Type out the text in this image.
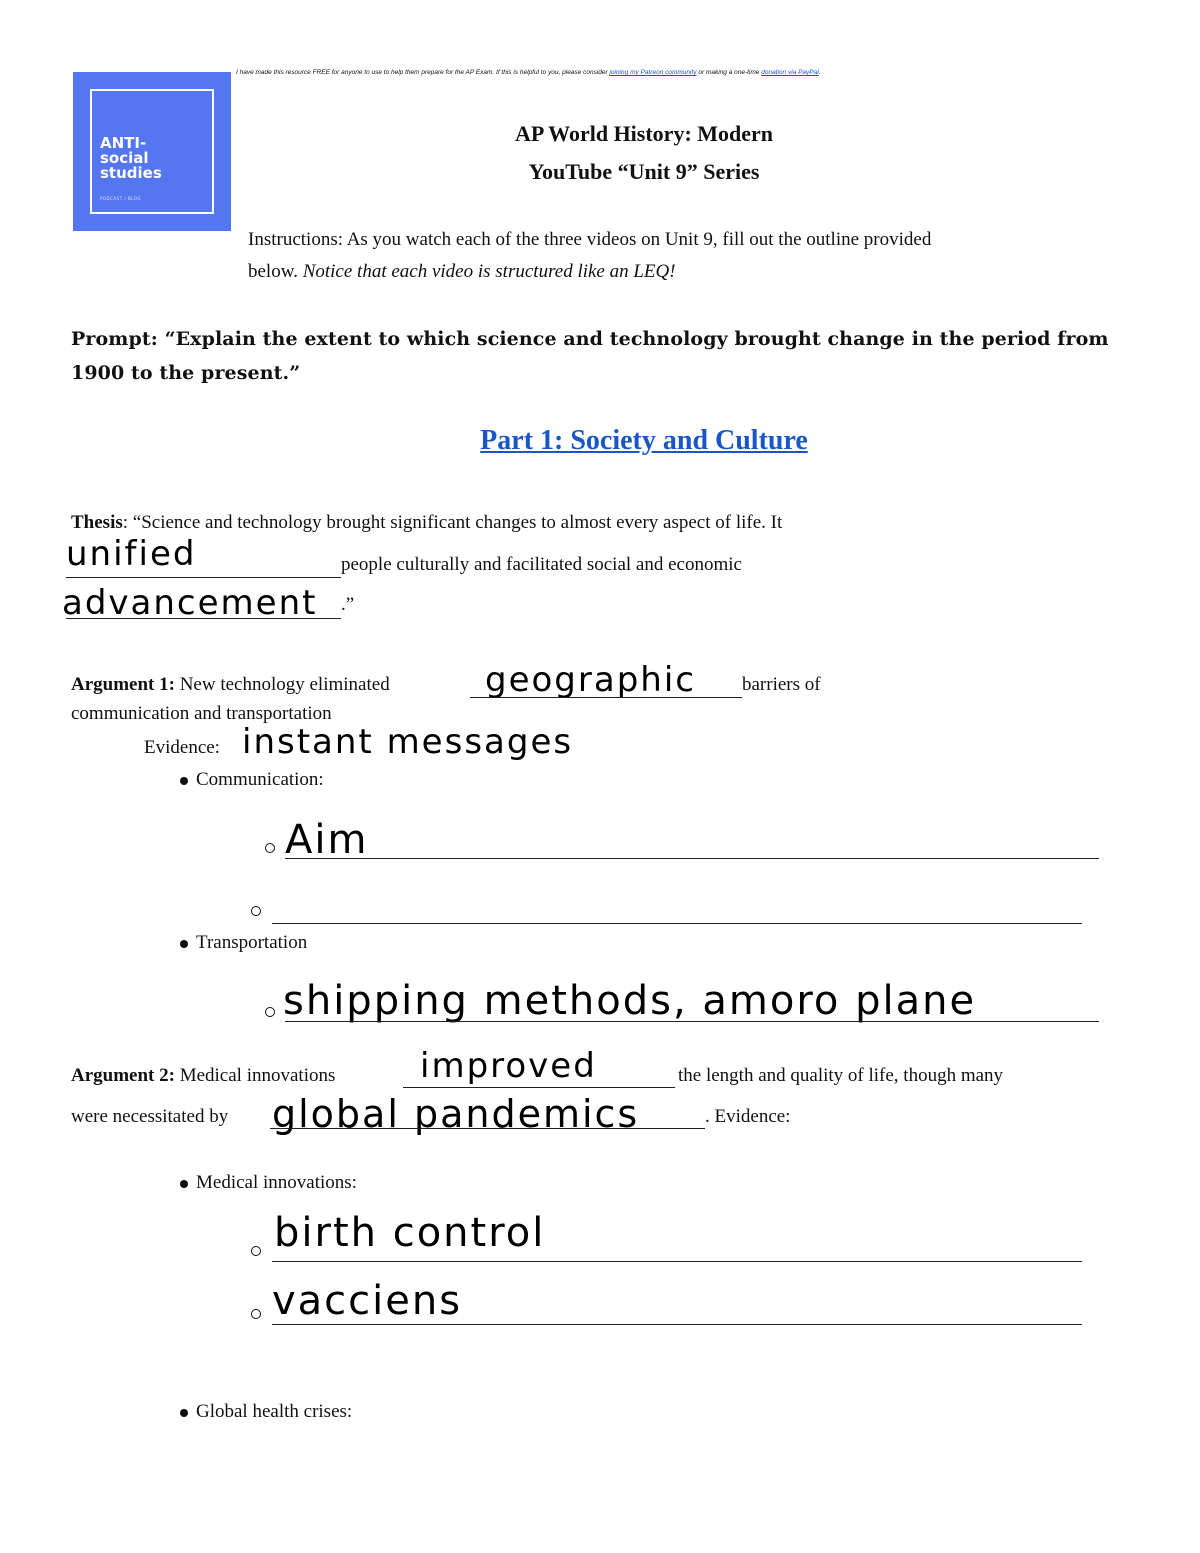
ANTI-
social
studies
PODCAST / BLOG
I have made this resource FREE for anyone to use to help them prepare for the AP Exam. If this is helpful to you, please consider joining my Patreon community or making a one-time donation via PayPal.
AP World History: Modern
YouTube “Unit 9” Series
Instructions: As you watch each of the three videos on Unit 9, fill out the outline provided
below. Notice that each video is structured like an LEQ!
Prompt: “Explain the extent to which science and technology brought change in the period from 1900 to the present.”
Part 1: Society and Culture
Thesis: “Science and technology brought significant changes to almost every aspect of life. It
unified	people culturally and facilitated social and economic
advancement .”
Argument 1: New technology eliminated	geographic barriers of
communication and transportation
Evidence: instant messages
Communication:
Aim
Transportation
shipping methods, amoro plane
Argument 2: Medical innovations improved	the length and quality of life, though many
were necessitated by global pandemics	. Evidence:
Medical innovations:
birth control
vacciens
Global health crises:
